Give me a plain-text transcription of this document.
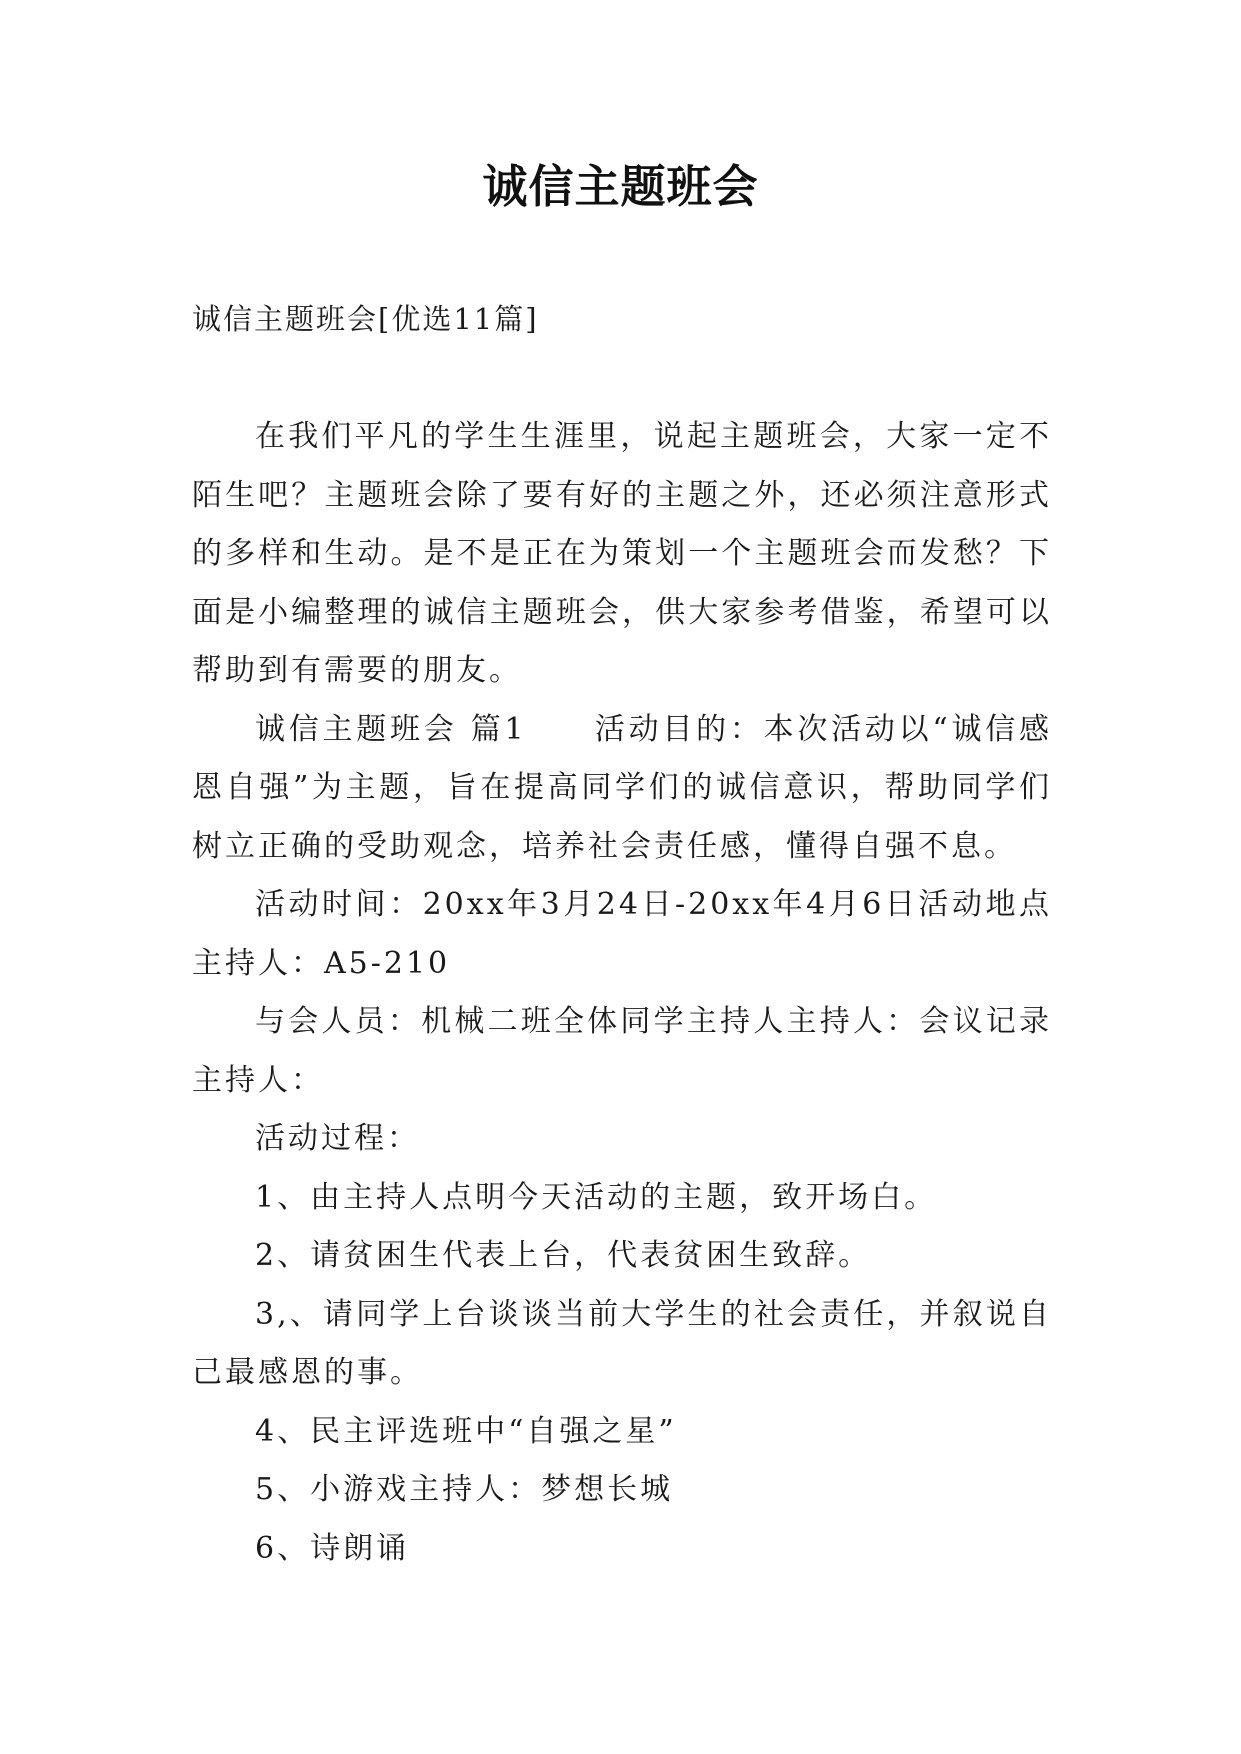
诚信主题班会
诚信主题班会[优选11篇]

在我们平凡的学生生涯里，说起主题班会，大家一定不陌生吧？主题班会除了要有好的主题之外，还必须注意形式的多样和生动。是不是正在为策划一个主题班会而发愁？下面是小编整理的诚信主题班会，供大家参考借鉴，希望可以帮助到有需要的朋友。

诚信主题班会 篇1　　活动目的：本次活动以“诚信感恩自强”为主题，旨在提高同学们的诚信意识，帮助同学们树立正确的受助观念，培养社会责任感，懂得自强不息。

活动时间：20xx年3月24日-20xx年4月6日活动地点主持人：A5-210

与会人员：机械二班全体同学主持人主持人：会议记录主持人：

活动过程：

1、由主持人点明今天活动的主题，致开场白。

2、请贫困生代表上台，代表贫困生致辞。

3,、请同学上台谈谈当前大学生的社会责任，并叙说自己最感恩的事。

4、民主评选班中“自强之星”

5、小游戏主持人：梦想长城

6、诗朗诵
